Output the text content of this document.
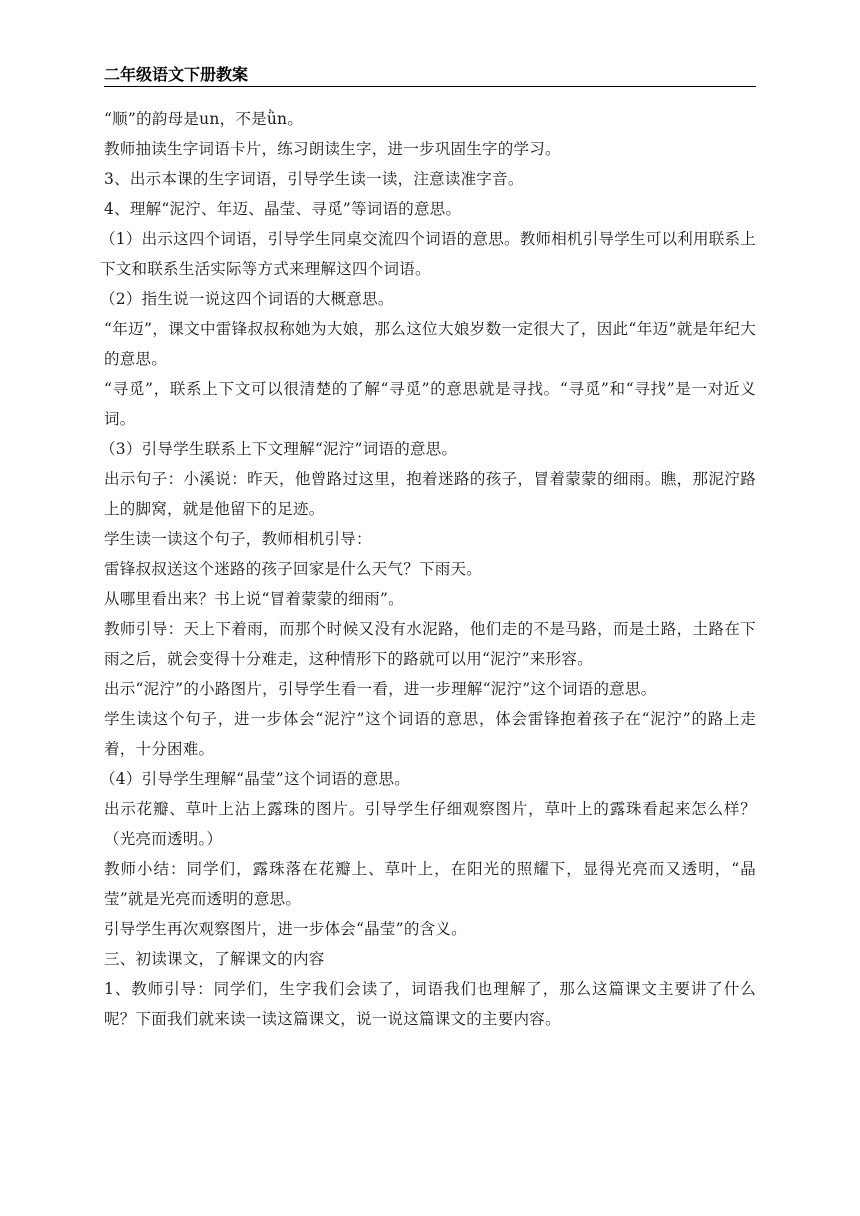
二年级语文下册教案

“顺”的韵母是un，不是ǜn。

教师抽读生字词语卡片，练习朗读生字，进一步巩固生字的学习。

3、出示本课的生字词语，引导学生读一读，注意读准字音。

4、理解“泥泞、年迈、晶莹、寻觅”等词语的意思。

（1）出示这四个词语，引导学生同桌交流四个词语的意思。教师相机引导学生可以利用联系上下文和联系生活实际等方式来理解这四个词语。

（2）指生说一说这四个词语的大概意思。

“年迈”，课文中雷锋叔叔称她为大娘，那么这位大娘岁数一定很大了，因此“年迈”就是年纪大的意思。

“寻觅”，联系上下文可以很清楚的了解“寻觅”的意思就是寻找。“寻觅”和“寻找”是一对近义词。

（3）引导学生联系上下文理解“泥泞”词语的意思。

出示句子：小溪说：昨天，他曾路过这里，抱着迷路的孩子，冒着蒙蒙的细雨。瞧，那泥泞路上的脚窝，就是他留下的足迹。

学生读一读这个句子，教师相机引导：

雷锋叔叔送这个迷路的孩子回家是什么天气？下雨天。

从哪里看出来？书上说“冒着蒙蒙的细雨”。

教师引导：天上下着雨，而那个时候又没有水泥路，他们走的不是马路，而是土路，土路在下雨之后，就会变得十分难走，这种情形下的路就可以用“泥泞”来形容。

出示“泥泞”的小路图片，引导学生看一看，进一步理解“泥泞”这个词语的意思。

学生读这个句子，进一步体会“泥泞”这个词语的意思，体会雷锋抱着孩子在“泥泞”的路上走着，十分困难。

（4）引导学生理解“晶莹”这个词语的意思。

出示花瓣、草叶上沾上露珠的图片。引导学生仔细观察图片，草叶上的露珠看起来怎么样？（光亮而透明。）

教师小结：同学们，露珠落在花瓣上、草叶上，在阳光的照耀下，显得光亮而又透明，“晶莹”就是光亮而透明的意思。

引导学生再次观察图片，进一步体会“晶莹”的含义。

三、初读课文，了解课文的内容

1、教师引导：同学们，生字我们会读了，词语我们也理解了，那么这篇课文主要讲了什么呢？下面我们就来读一读这篇课文，说一说这篇课文的主要内容。
